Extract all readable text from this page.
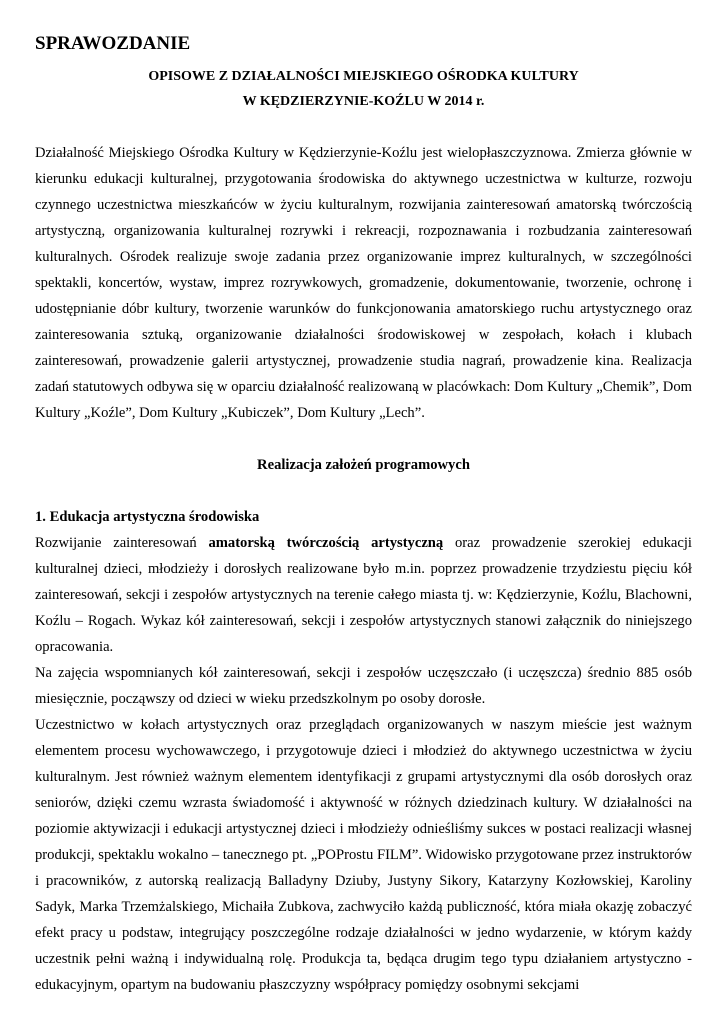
SPRAWOZDANIE

OPISOWE Z DZIAŁALNOŚCI MIEJSKIEGO OŚRODKA KULTURY

W KĘDZIERZYNIE-KOŹLU W 2014 r.

Działalność Miejskiego Ośrodka Kultury w Kędzierzynie-Koźlu jest wielopłaszczyznowa. Zmierza głównie w kierunku edukacji kulturalnej, przygotowania środowiska do aktywnego uczestnictwa w kulturze, rozwoju czynnego uczestnictwa mieszkańców w życiu kulturalnym, rozwijania zainteresowań amatorską twórczością artystyczną, organizowania kulturalnej rozrywki i rekreacji, rozpoznawania i rozbudzania zainteresowań kulturalnych. Ośrodek realizuje swoje zadania przez organizowanie imprez kulturalnych, w szczególności spektakli, koncertów, wystaw, imprez rozrywkowych, gromadzenie, dokumentowanie, tworzenie, ochronę i udostępnianie dóbr kultury, tworzenie warunków do funkcjonowania amatorskiego ruchu artystycznego oraz zainteresowania sztuką, organizowanie działalności środowiskowej w zespołach, kołach i klubach zainteresowań, prowadzenie galerii artystycznej, prowadzenie studia nagrań, prowadzenie kina. Realizacja zadań statutowych odbywa się w oparciu działalność realizowaną w placówkach: Dom Kultury „Chemik”, Dom Kultury „Koźle”, Dom Kultury „Kubiczek”, Dom Kultury „Lech”.

Realizacja założeń programowych

1. Edukacja artystyczna środowiska

Rozwijanie zainteresowań amatorską twórczością artystyczną oraz prowadzenie szerokiej edukacji kulturalnej dzieci, młodzieży i dorosłych realizowane było m.in. poprzez prowadzenie trzydziestu pięciu kół zainteresowań, sekcji i zespołów artystycznych na terenie całego miasta tj. w: Kędzierzynie, Koźlu, Blachowni, Koźlu – Rogach. Wykaz kół zainteresowań, sekcji i zespołów artystycznych stanowi załącznik do niniejszego opracowania.

Na zajęcia wspomnianych kół zainteresowań, sekcji i zespołów uczęszczało (i uczęszcza) średnio 885 osób miesięcznie, począwszy od dzieci w wieku przedszkolnym po osoby dorosłe.

Uczestnictwo w kołach artystycznych oraz przeglądach organizowanych w naszym mieście jest ważnym elementem procesu wychowawczego, i przygotowuje dzieci i młodzież do aktywnego uczestnictwa w życiu kulturalnym. Jest również ważnym elementem identyfikacji z grupami artystycznymi dla osób dorosłych oraz seniorów, dzięki czemu wzrasta świadomość i aktywność w różnych dziedzinach kultury. W działalności na poziomie aktywizacji i edukacji artystycznej dzieci i młodzieży odnieśliśmy sukces w postaci realizacji własnej produkcji, spektaklu wokalno – tanecznego pt. „POProstu FILM”. Widowisko przygotowane przez instruktorów i pracowników, z autorską realizacją Balladyny Dziuby, Justyny Sikory, Katarzyny Kozłowskiej, Karoliny Sadyk, Marka Trzemżalskiego, Michaiła Zubkova, zachwyciło każdą publiczność, która miała okazję zobaczyć efekt pracy u podstaw, integrujący poszczególne rodzaje działalności w jedno wydarzenie, w którym każdy uczestnik pełni ważną i indywidualną rolę. Produkcja ta, będąca drugim tego typu działaniem artystyczno - edukacyjnym, opartym na budowaniu płaszczyzny współpracy pomiędzy osobnymi sekcjami
